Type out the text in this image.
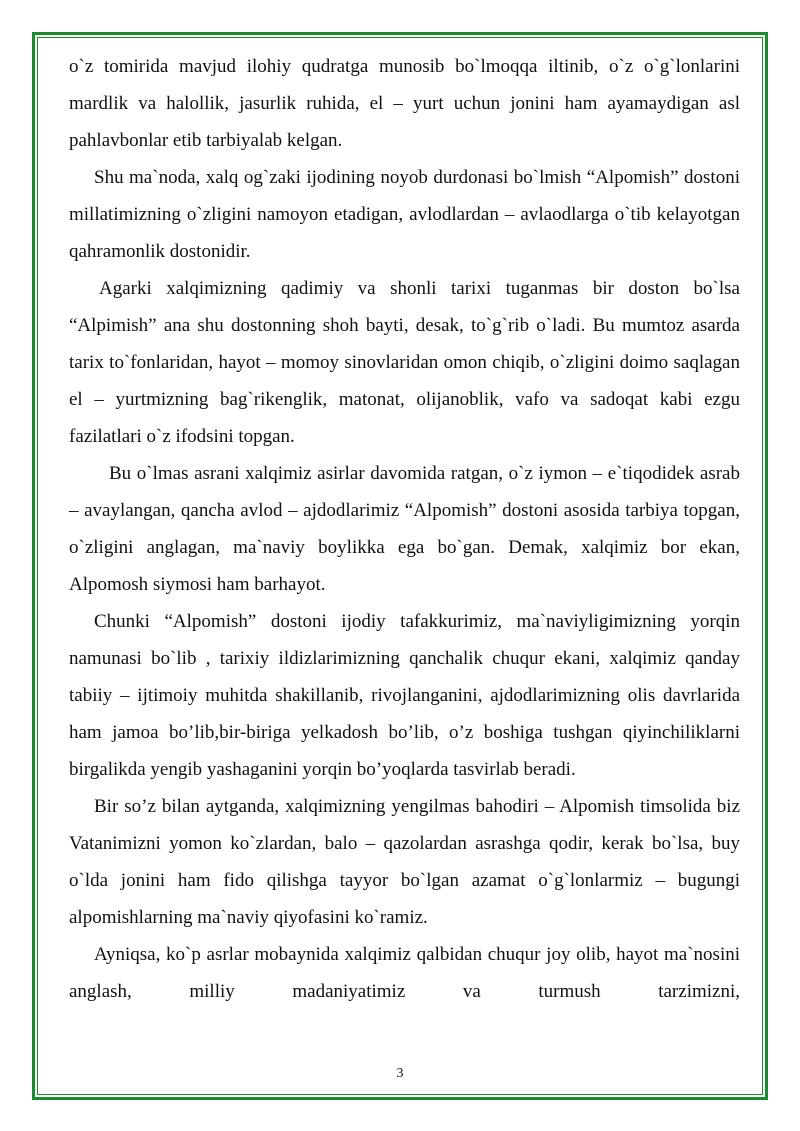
o`z tomirida mavjud ilohiy qudratga munosib bo`lmoqqa iltinib, o`z o`g`lonlarini mardlik va halollik, jasurlik ruhida, el – yurt uchun jonini ham ayamaydigan asl pahlavbonlar etib tarbiyalab kelgan.

Shu ma`noda, xalq og`zaki ijodining noyob durdonasi bo`lmish “Alpomish” dostoni millatimizning o`zligini namoyon etadigan, avlodlardan – avlaodlarga o`tib kelayotgan qahramonlik dostonidir.

Agarki xalqimizning qadimiy va shonli tarixi tuganmas bir doston bo`lsa “Alpimish” ana shu dostonning shoh bayti, desak, to`g`rib o`ladi. Bu mumtoz asarda tarix to`fonlaridan, hayot – momoy sinovlaridan omon chiqib, o`zligini doimo saqlagan el – yurtmizning bag`rikenglik, matonat, olijanoblik, vafo va sadoqat kabi ezgu fazilatlari o`z ifodsini topgan.

Bu o`lmas asrani xalqimiz asirlar davomida ratgan, o`z iymon – e`tiqodidek asrab – avaylangan, qancha avlod – ajdodlarimiz “Alpomish” dostoni asosida tarbiya topgan, o`zligini anglagan, ma`naviy boylikka ega bo`gan. Demak, xalqimiz bor ekan, Alpomosh siymosi ham barhayot.

Chunki “Alpomish” dostoni ijodiy tafakkurimiz, ma`naviyligimizning yorqin namunasi bo`lib , tarixiy ildizlarimizning qanchalik chuqur ekani, xalqimiz qanday tabiiy – ijtimoiy muhitda shakillanib, rivojlanganini, ajdodlarimizning olis davrlarida ham jamoa bo’lib,bir-biriga yelkadosh bo’lib, o’z boshiga tushgan qiyinchiliklarni birgalikda yengib yashaganini yorqin bo’yoqlarda tasvirlab beradi.

Bir so’z bilan aytganda, xalqimizning yengilmas bahodiri – Alpomish timsolida biz Vatanimizni yomon ko`zlardan, balo – qazolardan asrashga qodir, kerak bo`lsa, buy o`lda jonini ham fido qilishga tayyor bo`lgan azamat o`g`lonlarmiz – bugungi alpomishlarning ma`naviy qiyofasini ko`ramiz.

Ayniqsa, ko`p asrlar mobaynida xalqimiz qalbidan chuqur joy olib, hayot ma`nosini anglash, milliy madaniyatimiz va turmush tarzimizni,

3
